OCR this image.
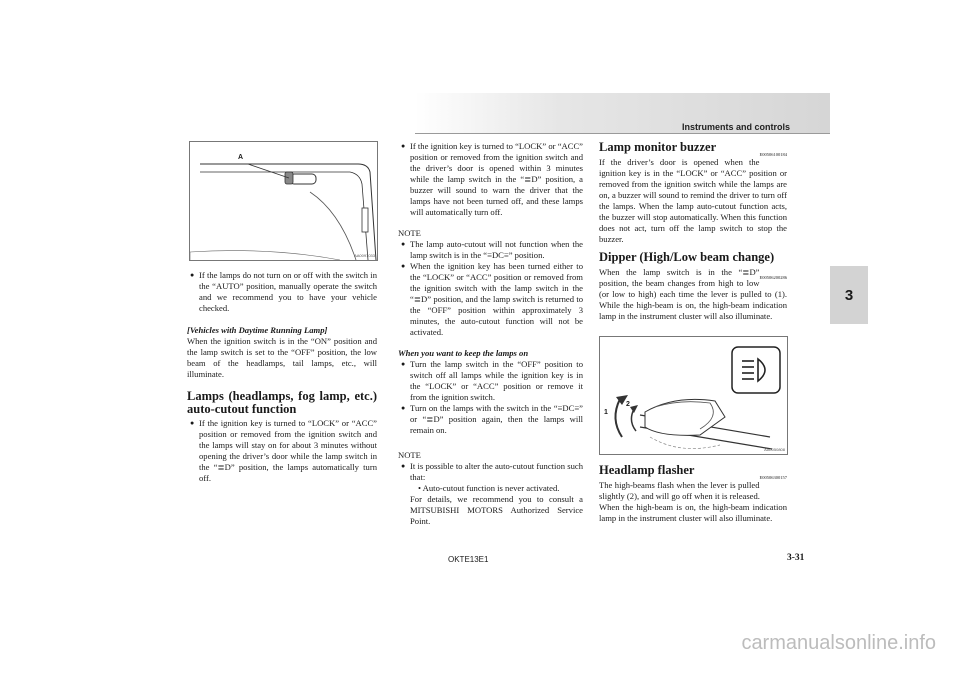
Instruments and controls
3
A
AA0097033

● If the lamps do not turn on or off with the switch in the “AUTO” position, manually operate the switch and we recommend you to have your vehicle checked.

[Vehicles with Daytime Running Lamp]

When the ignition switch is in the “ON” position and the lamp switch is set to the “OFF” position, the low beam of the headlamps, tail lamps, etc., will illuminate.

Lamps (headlamps, fog lamp, etc.) auto-cutout function

● If the ignition key is turned to “LOCK” or “ACC” position or removed from the ignition switch and the lamps will stay on for about 3 minutes without opening the driver’s door while the lamp switch in the “≣D” position, the lamps automatically turn off.

● If the ignition key is turned to “LOCK” or “ACC” position or removed from the ignition switch and the driver’s door is opened within 3 minutes while the lamp switch in the “≣D” position, a buzzer will sound to warn the driver that the lamps have not been turned off, and these lamps will automatically turn off.

NOTE

● The lamp auto-cutout will not function when the lamp switch is in the “≡DC≡” position.

● When the ignition key has been turned either to the “LOCK” or “ACC” position or removed from the ignition switch with the lamp switch in the “≣D” position, and the lamp switch is returned to the “OFF” position within approximately 3 minutes, the auto-cutout function will not be activated.

When you want to keep the lamps on

● Turn the lamp switch in the “OFF” position to switch off all lamps while the ignition key is in the “LOCK” or “ACC” position or remove it from the ignition switch.

● Turn on the lamps with the switch in the “≡DC≡” or “≣D” position again, then the lamps will remain on.

NOTE

● It is possible to alter the auto-cutout function such that:

• Auto-cutout function is never activated.

For details, we recommend you to consult a MITSUBISHI MOTORS Authorized Service Point.

Lamp monitor buzzer
E00506100184

If the driver’s door is opened when the ignition key is in the “LOCK” or “ACC” position or removed from the ignition switch while the lamps are on, a buzzer will sound to remind the driver to turn off the lamps. When the lamp auto-cutout function acts, the buzzer will stop automatically. When this function does not act, turn off the lamp switch to stop the buzzer.

Dipper (High/Low beam change)
E00506200286

When the lamp switch is in the “≣D” position, the beam changes from high to low (or low to high) each time the lever is pulled to (1). While the high-beam is on, the high-beam indication lamp in the instrument cluster will also illuminate.

1
2
AA0050808

Headlamp flasher
E00506300157

The high-beams flash when the lever is pulled slightly (2), and will go off when it is released.

When the high-beam is on, the high-beam indication lamp in the instrument cluster will also illuminate.

OKTE13E1	3-31
carmanualsonline.info
